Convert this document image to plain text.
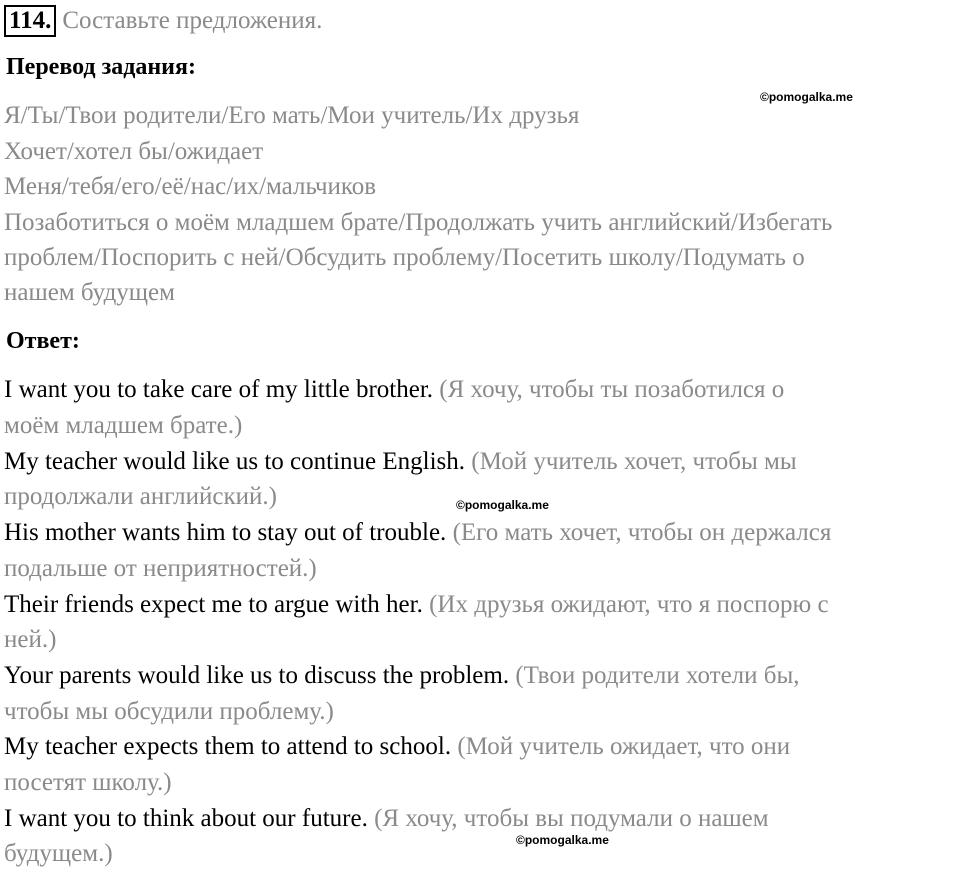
114. Составьте предложения.
Перевод задания:
©pomogalka.me
Я/Ты/Твои родители/Его мать/Мои учитель/Их друзья
Хочет/хотел бы/ожидает
Меня/тебя/его/её/нас/их/мальчиков
Позаботиться о моём младшем брате/Продолжать учить английский/Избегать
проблем/Поспорить с ней/Обсудить проблему/Посетить школу/Подумать о
нашем будущем
Ответ:
I want you to take care of my little brother. (Я хочу, чтобы ты позаботился о
моём младшем брате.)
My teacher would like us to continue English. (Мой учитель хочет, чтобы мы
продолжали английский.)	©pomogalka.me
His mother wants him to stay out of trouble. (Его мать хочет, чтобы он держался
подальше от неприятностей.)
Their friends expect me to argue with her. (Их друзья ожидают, что я поспорю с
ней.)
Your parents would like us to discuss the problem. (Твои родители хотели бы,
чтобы мы обсудили проблему.)
My teacher expects them to attend to school. (Мой учитель ожидает, что они
посетят школу.)
I want you to think about our future. (Я хочу, чтобы вы подумали о нашем
©pomogalka.me
будущем.)
